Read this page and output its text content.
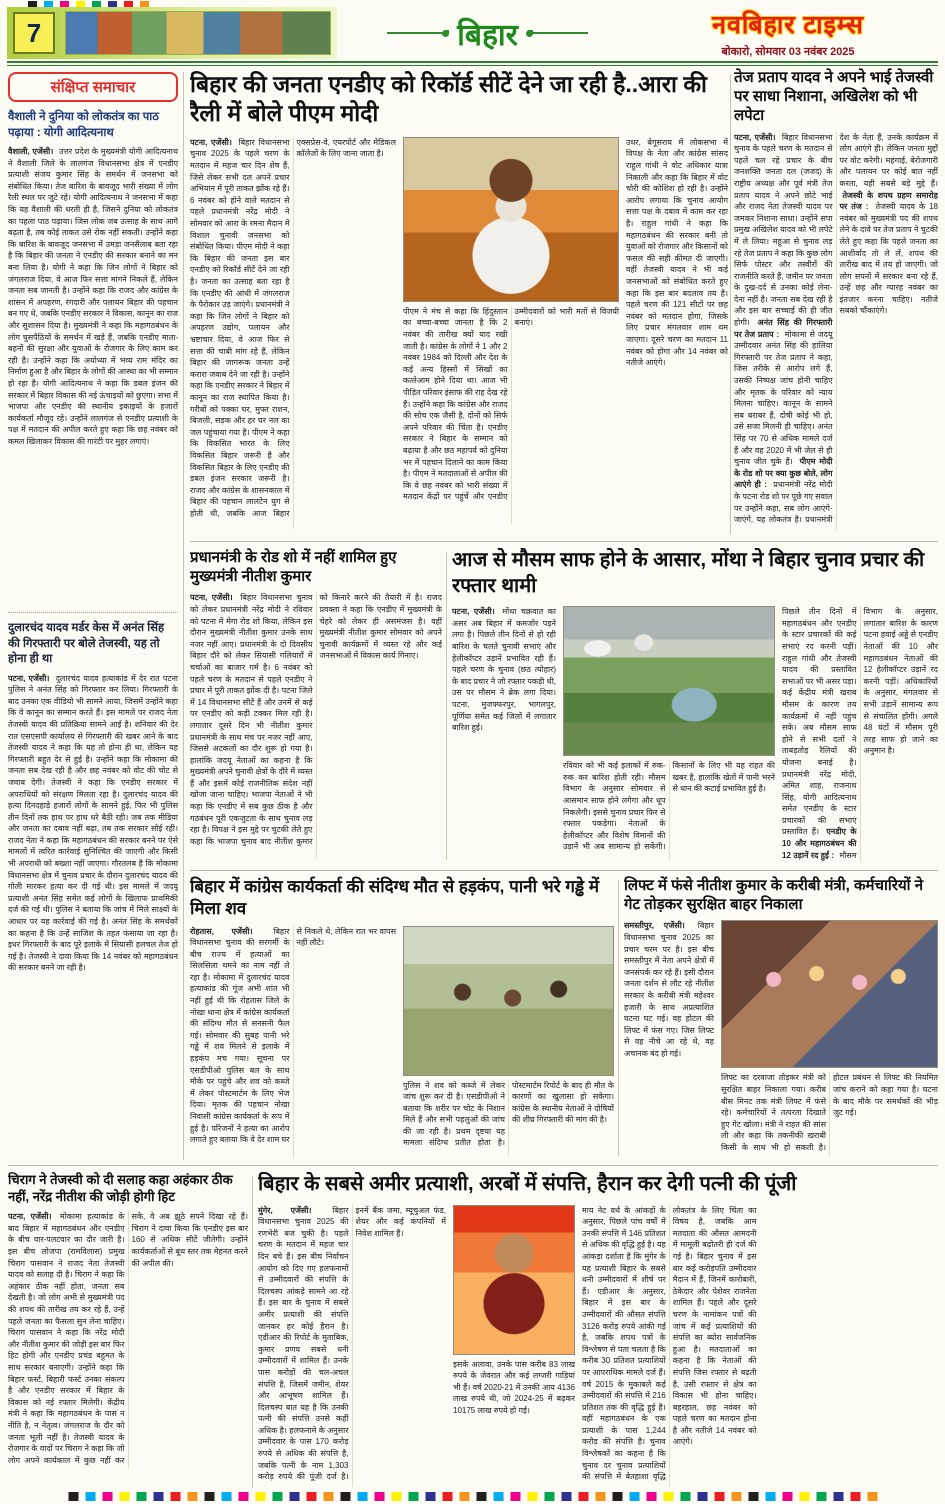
7	बिहार	नवबिहार टाइम्स
बोकारो, सोमवार 03 नवंबर 2025
संक्षिप्त समाचार
वैशाली ने दुनिया को लोकतंत्र का पाठ पढ़ाया : योगी आदित्यनाथ
वैशाली, एजेंसी। उत्तर प्रदेश के मुख्यमंत्री योगी आदित्यनाथ ने वैशाली जिले के लालगंज विधानसभा क्षेत्र में एनडीए प्रत्याशी संजय कुमार सिंह के समर्थन में जनसभा को संबोधित किया। तेज बारिश के बावजूद भारी संख्या में लोग रैली स्थल पर जुटे रहे। योगी आदित्यनाथ ने जनसभा में कहा कि यह वैशाली की धरती ही है, जिसने दुनिया को लोकतंत्र का पहला पाठ पढ़ाया। जिस लोक जब उत्साह के साथ आगे बढ़ता है, तब कोई ताकत उसे रोक नहीं सकती। उन्होंने कहा कि बारिश के बावजूद जनसभा में उमड़ा जनसैलाब बता रहा है कि बिहार की जनता ने एनडीए की सरकार बनाने का मन बना लिया है। योगी ने कहा कि जिन लोगों ने बिहार को जंगलराज दिया, वे आज फिर सत्ता मांगने निकले हैं, लेकिन जनता सब जानती है। उन्होंने कहा कि राजद और कांग्रेस के शासन में अपहरण, रंगदारी और पलायन बिहार की पहचान बन गए थे, जबकि एनडीए सरकार ने विकास, कानून का राज और सुशासन दिया है। मुख्यमंत्री ने कहा कि महागठबंधन के लोग घुसपैठियों के समर्थन में खड़े हैं, जबकि एनडीए माता-बहनों की सुरक्षा और युवाओं के रोजगार के लिए काम कर रही है। उन्होंने कहा कि अयोध्या में भव्य राम मंदिर का निर्माण हुआ है और बिहार के लोगों की आस्था का भी सम्मान हो रहा है। योगी आदित्यनाथ ने कहा कि डबल इंजन की सरकार में बिहार विकास की नई ऊंचाइयों को छुएगा। सभा में भाजपा और एनडीए की स्थानीय इकाइयों के हजारों कार्यकर्ता मौजूद रहे। उन्होंने लालगंज से एनडीए प्रत्याशी के पक्ष में मतदान की अपील करते हुए कहा कि छह नवंबर को कमल खिलाकर विकास की गारंटी पर मुहर लगाएं।
दुलारचंद यादव मर्डर केस में अनंत सिंह की गिरफ्तारी पर बोले तेजस्वी, यह तो होना ही था
पटना, एजेंसी। दुलारचंद यादव हत्याकांड में देर रात पटना पुलिस ने अनंत सिंह को गिरफ्तार कर लिया। गिरफ्तारी के बाद उनका एक वीडियो भी सामने आया, जिसमें उन्होंने कहा कि वे कानून का सम्मान करते हैं। इस मामले पर राजद नेता तेजस्वी यादव की प्रतिक्रिया सामने आई है। शनिवार की देर रात एसएसपी कार्यालय से गिरफ्तारी की खबर आने के बाद तेजस्वी यादव ने कहा कि यह तो होना ही था, लेकिन यह गिरफ्तारी बहुत देर से हुई है। उन्होंने कहा कि मोकामा की जनता सब देख रही है और छह नवंबर को वोट की चोट से जवाब देगी। तेजस्वी ने कहा कि एनडीए सरकार में अपराधियों को संरक्षण मिलता रहा है। दुलारचंद यादव की हत्या दिनदहाड़े हजारों लोगों के सामने हुई, फिर भी पुलिस तीन दिनों तक हाथ पर हाथ धरे बैठी रही। जब तक मीडिया और जनता का दबाव नहीं बढ़ा, तब तक सरकार सोई रही। राजद नेता ने कहा कि महागठबंधन की सरकार बनने पर ऐसे मामलों में त्वरित कार्रवाई सुनिश्चित की जाएगी और किसी भी अपराधी को बख्शा नहीं जाएगा। गौरतलब है कि मोकामा विधानसभा क्षेत्र में चुनाव प्रचार के दौरान दुलारचंद यादव की गोली मारकर हत्या कर दी गई थी। इस मामले में जदयू प्रत्याशी अनंत सिंह समेत कई लोगों के खिलाफ प्राथमिकी दर्ज की गई थी। पुलिस ने बताया कि जांच में मिले साक्ष्यों के आधार पर यह कार्रवाई की गई है। अनंत सिंह के समर्थकों का कहना है कि उन्हें साजिश के तहत फंसाया जा रहा है। इधर गिरफ्तारी के बाद पूरे इलाके में सियासी हलचल तेज हो गई है। तेजस्वी ने दावा किया कि 14 नवंबर को महागठबंधन की सरकार बनने जा रही है।
बिहार की जनता एनडीए को रिकॉर्ड सीटें देने जा रही है..आरा की रैली में बोले पीएम मोदी
पटना, एजेंसी। बिहार विधानसभा चुनाव 2025 के पहले चरण के मतदान में महज चार दिन शेष हैं, जिसे लेकर सभी दल अपने प्रचार अभियान में पूरी ताकत झोंक रहे हैं। 6 नवंबर को होने वाले मतदान से पहले प्रधानमंत्री नरेंद्र मोदी ने सोमवार को आरा के रमना मैदान में विशाल चुनावी जनसभा को संबोधित किया। पीएम मोदी ने कहा कि बिहार की जनता इस बार एनडीए को रिकॉर्ड सीटें देने जा रही है। जनता का उत्साह बता रहा है कि एनडीए की आंधी में जंगलराज के पैरोकार उड़ जाएंगे। प्रधानमंत्री ने कहा कि जिन लोगों ने बिहार को अपहरण उद्योग, पलायन और भ्रष्टाचार दिया, वे आज फिर से सत्ता की चाबी मांग रहे हैं, लेकिन बिहार की जागरूक जनता उन्हें करारा जवाब देने जा रही है। उन्होंने कहा कि एनडीए सरकार ने बिहार में कानून का राज स्थापित किया है। गरीबों को पक्का घर, मुफ्त राशन, बिजली, सड़क और हर घर नल का जल पहुंचाया गया है। पीएम ने कहा कि विकसित भारत के लिए विकसित बिहार जरूरी है और विकसित बिहार के लिए एनडीए की डबल इंजन सरकार जरूरी है। राजद और कांग्रेस के शासनकाल में बिहार की पहचान लालटेन युग से होती थी, जबकि आज बिहार एक्सप्रेस-वे, एयरपोर्ट और मेडिकल कॉलेजों के लिए जाना जाता है।
पीएम ने मंच से कहा कि हिंदुस्तान का बच्चा-बच्चा जानता है कि 2 नवंबर की तारीख क्यों याद रखी जाती है। कांग्रेस के लोगों ने 1 और 2 नवंबर 1984 को दिल्ली और देश के कई अन्य हिस्सों में सिखों का कत्लेआम होने दिया था। आज भी पीड़ित परिवार इंसाफ की राह देख रहे हैं। उन्होंने कहा कि कांग्रेस और राजद की सोच एक जैसी है, दोनों को सिर्फ अपने परिवार की चिंता है। एनडीए सरकार ने बिहार के सम्मान को बढ़ाया है और छठ महापर्व को दुनिया भर में पहचान दिलाने का काम किया है। पीएम ने मतदाताओं से अपील की कि वे छह नवंबर को भारी संख्या में मतदान केंद्रों पर पहुंचें और एनडीए उम्मीदवारों को भारी मतों से विजयी बनाएं।
उधर, बेगूसराय में लोकसभा में विपक्ष के नेता और कांग्रेस सांसद राहुल गांधी ने वोट अधिकार यात्रा निकाली और कहा कि बिहार में वोट चोरी की कोशिश हो रही है। उन्होंने आरोप लगाया कि चुनाव आयोग सत्ता पक्ष के दबाव में काम कर रहा है। राहुल गांधी ने कहा कि महागठबंधन की सरकार बनी तो युवाओं को रोजगार और किसानों को फसल की सही कीमत दी जाएगी। वहीं तेजस्वी यादव ने भी कई जनसभाओं को संबोधित करते हुए कहा कि इस बार बदलाव तय है। पहले चरण की 121 सीटों पर छह नवंबर को मतदान होगा, जिसके लिए प्रचार मंगलवार शाम थम जाएगा। दूसरे चरण का मतदान 11 नवंबर को होगा और 14 नवंबर को नतीजे आएंगे।
तेज प्रताप यादव ने अपने भाई तेजस्वी पर साधा निशाना, अखिलेश को भी लपेटा
पटना, एजेंसी। बिहार विधानसभा चुनाव के पहले चरण के मतदान से पहले चल रहे प्रचार के बीच जनशक्ति जनता दल (जजद) के राष्ट्रीय अध्यक्ष और पूर्व मंत्री तेज प्रताप यादव ने अपने छोटे भाई और राजद नेता तेजस्वी यादव पर जमकर निशाना साधा। उन्होंने सपा प्रमुख अखिलेश यादव को भी लपेटे में ले लिया। महुआ से चुनाव लड़ रहे तेज प्रताप ने कहा कि कुछ लोग सिर्फ पोस्टर और तस्वीरों की राजनीति करते हैं, जमीन पर जनता के दुख-दर्द से उनका कोई लेना-देना नहीं है। जनता सब देख रही है और इस बार सच्चाई की ही जीत होगी। अनंत सिंह की गिरफ्तारी पर तेज प्रताप : मोकामा से जदयू उम्मीदवार अनंत सिंह की हालिया गिरफ्तारी पर तेज प्रताप ने कहा, जिस तरीके से आरोप लगे हैं, उसकी निष्पक्ष जांच होनी चाहिए और मृतक के परिवार को न्याय मिलना चाहिए। कानून के सामने सब बराबर हैं, दोषी कोई भी हो, उसे सजा मिलनी ही चाहिए। अनंत सिंह पर 70 से अधिक मामले दर्ज हैं और वह 2020 में भी जेल से ही चुनाव जीत चुके हैं। पीएम मोदी के रोड शो पर क्या कुछ बोले, लोग आएंगे ही : प्रधानमंत्री नरेंद्र मोदी के पटना रोड शो पर पूछे गए सवाल पर उन्होंने कहा, सब लोग आएंगे-जाएंगे, यह लोकतंत्र है। प्रधानमंत्री देश के नेता हैं, उनके कार्यक्रम में लोग आएंगे ही। लेकिन जनता मुद्दों पर वोट करेगी। महंगाई, बेरोजगारी और पलायन पर कोई बात नहीं करता, यही सबसे बड़े मुद्दे हैं। तेजस्वी के शपथ ग्रहण समारोह पर तंज : तेजस्वी यादव के 18 नवंबर को मुख्यमंत्री पद की शपथ लेने के दावे पर तेज प्रताप ने चुटकी लेते हुए कहा कि पहले जनता का आशीर्वाद तो ले लें, शपथ की तारीख बाद में तय हो जाएगी। जो लोग सपनों में सरकार बना रहे हैं, उन्हें छह और ग्यारह नवंबर का इंतजार करना चाहिए। नतीजे सबको चौंकाएंगे।
प्रधानमंत्री के रोड शो में नहीं शामिल हुए मुख्यमंत्री नीतीश कुमार
पटना, एजेंसी। बिहार विधानसभा चुनाव को लेकर प्रधानमंत्री नरेंद्र मोदी ने रविवार को पटना में मेगा रोड शो किया, लेकिन इस दौरान मुख्यमंत्री नीतीश कुमार उनके साथ नजर नहीं आए। प्रधानमंत्री के दो दिवसीय बिहार दौरे को लेकर सियासी गलियारों में चर्चाओं का बाजार गर्म है। 6 नवंबर को पहले चरण के मतदान से पहले एनडीए ने प्रचार में पूरी ताकत झोंक दी है। पटना जिले में 14 विधानसभा सीटें हैं और उनमें से कई पर एनडीए को कड़ी टक्कर मिल रही है। लगातार दूसरे दिन भी नीतीश कुमार प्रधानमंत्री के साथ मंच पर नजर नहीं आए, जिससे अटकलों का दौर शुरू हो गया है। हालांकि जदयू नेताओं का कहना है कि मुख्यमंत्री अपने चुनावी क्षेत्रों के दौरे में व्यस्त हैं और इसमें कोई राजनीतिक संदेश नहीं खोजा जाना चाहिए। भाजपा नेताओं ने भी कहा कि एनडीए में सब कुछ ठीक है और गठबंधन पूरी एकजुटता के साथ चुनाव लड़ रहा है। विपक्ष ने इस मुद्दे पर चुटकी लेते हुए कहा कि भाजपा चुनाव बाद नीतीश कुमार को किनारे करने की तैयारी में है। राजद प्रवक्ता ने कहा कि एनडीए में मुख्यमंत्री के चेहरे को लेकर ही असमंजस है। वहीं मुख्यमंत्री नीतीश कुमार सोमवार को अपने चुनावी कार्यक्रमों में व्यस्त रहे और कई जनसभाओं में विकास कार्य गिनाए।
आज से मौसम साफ होने के आसार, मोंथा ने बिहार चुनाव प्रचार की रफ्तार थामी
पटना, एजेंसी। मोंथा चक्रवात का असर अब बिहार में कमजोर पड़ने लगा है। पिछले तीन दिनों से हो रही बारिश के चलते चुनावी सभाएं और हेलीकॉप्टर उड़ानें प्रभावित रही हैं। पहले चरण के चुनाव (छठ त्योहार) के बाद प्रचार ने जो रफ्तार पकड़ी थी, उस पर मौसम ने ब्रेक लगा दिया। पटना, मुजफ्फरपुर, भागलपुर, पूर्णिया समेत कई जिलों में लगातार बारिश हुई।
रविवार को भी कई इलाकों में रुक-रुक कर बारिश होती रही। मौसम विभाग के अनुसार सोमवार से आसमान साफ होने लगेगा और धूप निकलेगी। इससे चुनाव प्रचार फिर से रफ्तार पकड़ेगा। नेताओं के हेलीकॉप्टर और विशेष विमानों की उड़ानें भी अब सामान्य हो सकेंगी। किसानों के लिए भी यह राहत की खबर है, हालांकि खेतों में पानी भरने से धान की कटाई प्रभावित हुई है।
पिछले तीन दिनों में महागठबंधन और एनडीए के स्टार प्रचारकों की कई सभाएं रद करनी पड़ीं। राहुल गांधी और तेजस्वी यादव की प्रस्तावित सभाओं पर भी असर पड़ा। कई केंद्रीय मंत्री खराब मौसम के कारण तय कार्यक्रमों में नहीं पहुंच सके। अब मौसम साफ होने से सभी दलों ने ताबड़तोड़ रैलियों की योजना बनाई है। प्रधानमंत्री नरेंद्र मोदी, अमित शाह, राजनाथ सिंह, योगी आदित्यनाथ समेत एनडीए के स्टार प्रचारकों की सभाएं प्रस्तावित हैं। एनडीए के 10 और महागठबंधन की 12 उड़ानें रद हुईं : मौसम विभाग के अनुसार, लगातार बारिश के कारण पटना हवाई अड्डे से एनडीए नेताओं की 10 और महागठबंधन नेताओं की 12 हेलीकॉप्टर उड़ानें रद करनी पड़ीं। अधिकारियों के अनुसार, मंगलवार से सभी उड़ानें सामान्य रूप से संचालित होंगी। अगले 48 घंटों में मौसम पूरी तरह साफ हो जाने का अनुमान है।
बिहार में कांग्रेस कार्यकर्ता की संदिग्ध मौत से हड़कंप, पानी भरे गड्ढे में मिला शव
रोहतास, एजेंसी।	बिहार विधानसभा चुनाव की सरगर्मी के बीच राज्य में हत्याओं का सिलसिला थमने का नाम नहीं ले रहा है। मोकामा में दुलारचंद यादव हत्याकांड की गूंज अभी शांत भी नहीं हुई थी कि रोहतास जिले के नोखा थाना क्षेत्र में कांग्रेस कार्यकर्ता की संदिग्ध मौत से सनसनी फैल गई। सोमवार की सुबह पानी भरे गड्ढे में शव मिलने से इलाके में हड़कंप मच गया। सूचना पर एसडीपीओ पुलिस बल के साथ मौके पर पहुंचे और शव को कब्जे में लेकर पोस्टमार्टम के लिए भेज दिया। मृतक की पहचान नोखा निवासी कांग्रेस कार्यकर्ता के रूप में हुई है। परिजनों ने हत्या का आरोप लगाते हुए बताया कि वे देर शाम घर से निकले थे, लेकिन रात भर वापस नहीं लौटे।
पुलिस ने शव को कब्जे में लेकर जांच शुरू कर दी है। एसडीपीओ ने बताया कि शरीर पर चोट के निशान मिले हैं और सभी पहलुओं की जांच की जा रही है। प्रथम दृष्टया यह मामला संदिग्ध प्रतीत होता है। पोस्टमार्टम रिपोर्ट के बाद ही मौत के कारणों का खुलासा हो सकेगा। कांग्रेस के स्थानीय नेताओं ने दोषियों की शीघ्र गिरफ्तारी की मांग की है।
लिफ्ट में फंसे नीतीश कुमार के करीबी मंत्री, कर्मचारियों ने गेट तोड़कर सुरक्षित बाहर निकाला
समस्तीपुर, एजेंसी। बिहार विधानसभा चुनाव 2025 का प्रचार चरम पर है। इस बीच समस्तीपुर में नेता अपने क्षेत्रों में जनसंपर्क कर रहे हैं। इसी दौरान जनता दर्शन से लौट रहे नीतीश सरकार के करीबी मंत्री महेश्वर हजारी के साथ अप्रत्याशित घटना घट गई। वह होटल की लिफ्ट में फंस गए। जिस लिफ्ट से वह नीचे आ रहे थे, वह अचानक बंद हो गई।
लिफ्ट का दरवाजा तोड़कर मंत्री को सुरक्षित बाहर निकाला गया। करीब बीस मिनट तक मंत्री लिफ्ट में फंसे रहे। कर्मचारियों ने तत्परता दिखाते हुए गेट खोला। मंत्री ने राहत की सांस ली और कहा कि तकनीकी खराबी किसी के साथ भी हो सकती है। होटल प्रबंधन से लिफ्ट की नियमित जांच कराने को कहा गया है। घटना के बाद मौके पर समर्थकों की भीड़ जुट गई।
चिराग ने तेजस्वी को दी सलाह कहा अहंकार ठीक नहीं, नरेंद्र नीतीश की जोड़ी होगी हिट
पटना, एजेंसी। मोकामा हत्याकांड के बाद बिहार में महागठबंधन और एनडीए के बीच वार-पलटवार का दौर जारी है। इस बीच लोजपा (रामविलास) प्रमुख चिराग पासवान ने राजद नेता तेजस्वी यादव को सलाह दी है। चिराग ने कहा कि अहंकार ठीक नहीं होता, जनता सब देखती है। जो लोग अभी से मुख्यमंत्री पद की शपथ की तारीख तय कर रहे हैं, उन्हें पहले जनता का फैसला सुन लेना चाहिए। चिराग पासवान ने कहा कि नरेंद्र मोदी और नीतीश कुमार की जोड़ी इस बार फिर हिट होगी और एनडीए प्रचंड बहुमत के साथ सरकार बनाएगी। उन्होंने कहा कि बिहार फर्स्ट, बिहारी फर्स्ट उनका संकल्प है और एनडीए सरकार में बिहार के विकास को नई रफ्तार मिलेगी। केंद्रीय मंत्री ने कहा कि महागठबंधन के पास न नीति है, न नेतृत्व। जंगलराज के दौर को जनता भूली नहीं है। तेजस्वी यादव के रोजगार के वादों पर चिराग ने कहा कि जो लोग अपने कार्यकाल में कुछ नहीं कर सके, वे अब झूठे सपने दिखा रहे हैं। चिराग ने दावा किया कि एनडीए इस बार 160 से अधिक सीटें जीतेगी। उन्होंने कार्यकर्ताओं से बूथ स्तर तक मेहनत करने की अपील की।
बिहार के सबसे अमीर प्रत्याशी, अरबों में संपत्ति, हैरान कर देगी पत्नी की पूंजी
मुंगेर, एजेंसी।	बिहार विधानसभा चुनाव 2025 की रणभेरी बज चुकी है। पहले चरण के मतदान में महज चार दिन बचे हैं। इस बीच निर्वाचन आयोग को दिए गए हलफनामों से उम्मीदवारों की संपत्ति के दिलचस्प आंकड़े सामने आ रहे हैं। इस बार के चुनाव में सबसे अमीर प्रत्याशी की संपत्ति जानकर हर कोई हैरान है। एडीआर की रिपोर्ट के मुताबिक, कुमार प्रणय सबसे धनी उम्मीदवारों में शामिल हैं। उनके पास करोड़ों की चल-अचल संपत्ति है, जिसमें जमीन, शेयर और आभूषण शामिल हैं। दिलचस्प बात यह है कि उनकी पत्नी की संपत्ति उनसे कहीं अधिक है। हलफनामे के अनुसार उम्मीदवार के पास 170 करोड़ रुपये से अधिक की संपत्ति है, जबकि पत्नी के नाम 1,303 करोड़ रुपये की पूंजी दर्ज है। इनमें बैंक जमा, म्यूचुअल फंड, शेयर और कई कंपनियों में निवेश शामिल हैं।
इसके अलावा, उनके पास करीब 83 लाख रुपये के जेवरात और कई लग्जरी गाड़ियां भी हैं। वर्ष 2020-21 में उनकी आय 4136 लाख रुपये थी, जो 2024-25 में बढ़कर 10175 लाख रुपये हो गई।
माय नेट वर्थ के आंकड़ों के अनुसार, पिछले पांच वर्षों में उनकी संपत्ति में 146 प्रतिशत से अधिक की वृद्धि हुई है। यह आंकड़ा दर्शाता है कि मुंगेर के यह प्रत्याशी बिहार के सबसे धनी उम्मीदवारों में शीर्ष पर हैं। एडीआर के अनुसार, बिहार में इस बार के उम्मीदवारों की औसत संपत्ति 3126 करोड़ रुपये आंकी गई है, जबकि शपथ पत्रों के विश्लेषण से पता चलता है कि करीब 30 प्रतिशत प्रत्याशियों पर आपराधिक मामले दर्ज हैं। वर्ष 2015 के मुकाबले कई उम्मीदवारों की संपत्ति में 216 प्रतिशत तक की वृद्धि हुई है। वहीं महागठबंधन के एक प्रत्याशी के पास 1,244 करोड़ की संपत्ति है। चुनाव विश्लेषकों का कहना है कि चुनाव दर चुनाव प्रत्याशियों की संपत्ति में बेतहाशा वृद्धि लोकतंत्र के लिए चिंता का विषय है, जबकि आम मतदाता की औसत आमदनी में मामूली बढ़ोतरी ही दर्ज की गई है। बिहार चुनाव में इस बार कई करोड़पति उम्मीदवार मैदान में हैं, जिनमें कारोबारी, ठेकेदार और पेशेवर राजनेता शामिल हैं। पहले और दूसरे चरण के नामांकन पत्रों की जांच में कई प्रत्याशियों की संपत्ति का ब्योरा सार्वजनिक हुआ है। मतदाताओं का कहना है कि नेताओं की संपत्ति जिस रफ्तार से बढ़ती है, उसी रफ्तार से क्षेत्र का विकास भी होना चाहिए। बहरहाल, छह नवंबर को पहले चरण का मतदान होना है और नतीजे 14 नवंबर को आएंगे।
